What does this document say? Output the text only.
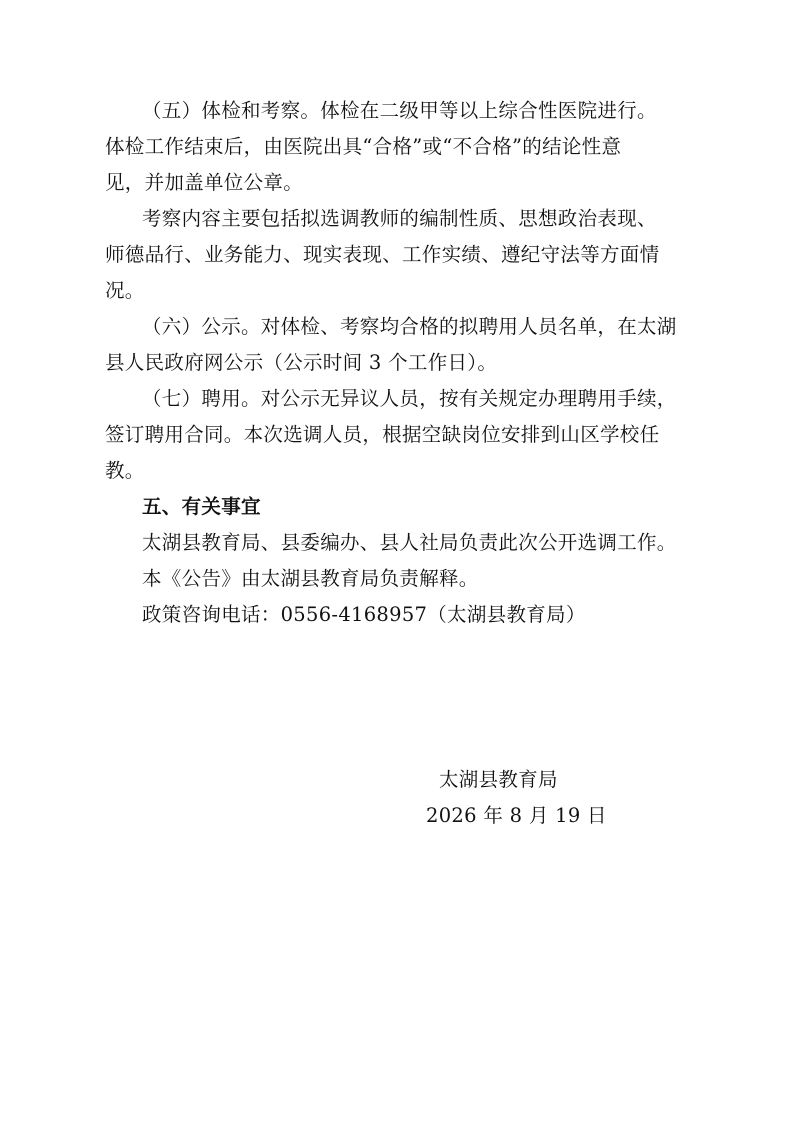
（五）体检和考察。体检在二级甲等以上综合性医院进行。
体检工作结束后，由医院出具“合格”或“不合格”的结论性意
见，并加盖单位公章。
考察内容主要包括拟选调教师的编制性质、思想政治表现、
师德品行、业务能力、现实表现、工作实绩、遵纪守法等方面情
况。
（六）公示。对体检、考察均合格的拟聘用人员名单，在太湖
县人民政府网公示（公示时间 3 个工作日）。
（七）聘用。对公示无异议人员，按有关规定办理聘用手续，
签订聘用合同。本次选调人员，根据空缺岗位安排到山区学校任
教。
五、有关事宜
太湖县教育局、县委编办、县人社局负责此次公开选调工作。
本《公告》由太湖县教育局负责解释。
政策咨询电话：0556-4168957（太湖县教育局）
太湖县教育局
2026 年 8 月 19 日
